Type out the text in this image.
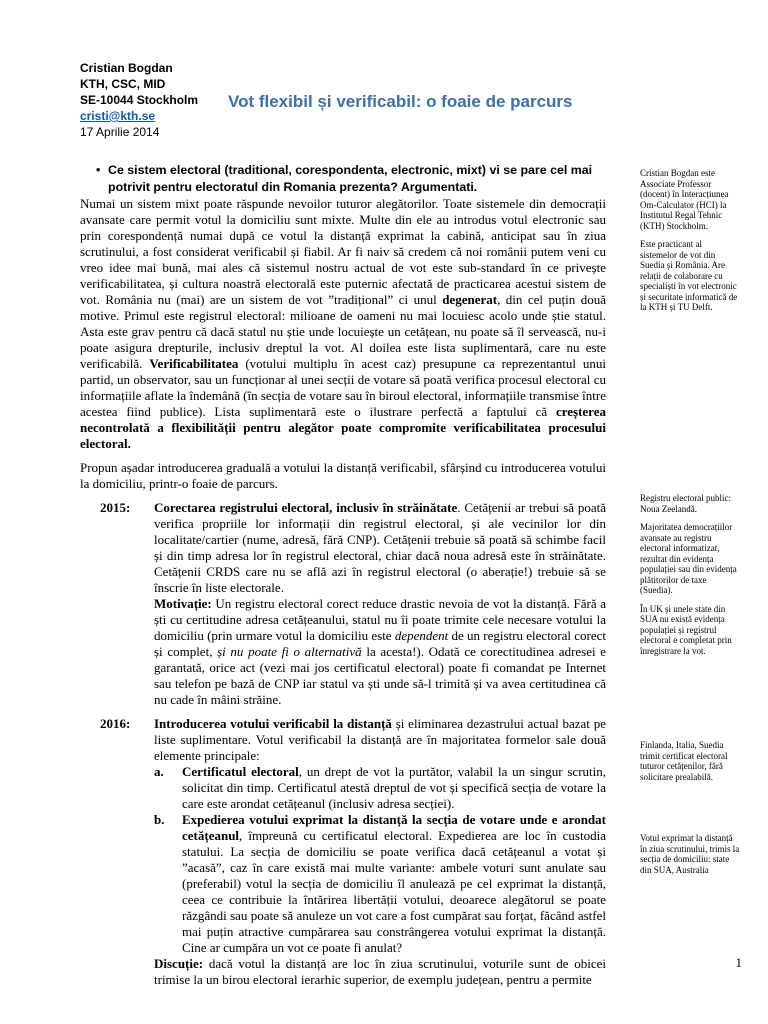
Cristian Bogdan
KTH, CSC, MID
SE-10044 Stockholm
cristi@kth.se
17 Aprilie 2014
Vot flexibil și verificabil: o foaie de parcurs
• Ce sistem electoral (traditional, corespondenta, electronic, mixt) vi se pare cel mai potrivit pentru electoratul din Romania prezenta? Argumentati.

Numai un sistem mixt poate răspunde nevoilor tuturor alegătorilor. Toate sistemele din democrații avansate care permit votul la domiciliu sunt mixte. Multe din ele au introdus votul electronic sau prin corespondență numai după ce votul la distanță exprimat la cabină, anticipat sau în ziua scrutinului, a fost considerat verificabil și fiabil. Ar fi naiv să credem că noi românii putem veni cu vreo idee mai bună, mai ales că sistemul nostru actual de vot este sub-standard în ce privește verificabilitatea, și cultura noastră electorală este puternic afectată de practicarea acestui sistem de vot. România nu (mai) are un sistem de vot ”tradițional” ci unul degenerat, din cel puțin două motive. Primul este registrul electoral: milioane de oameni nu mai locuiesc acolo unde știe statul. Asta este grav pentru că dacă statul nu știe unde locuiește un cetățean, nu poate să îl servească, nu-i poate asigura drepturile, inclusiv dreptul la vot. Al doilea este lista suplimentară, care nu este verificabilă. Verificabilitatea (votului multiplu în acest caz) presupune ca reprezentantul unui partid, un observator, sau un funcționar al unei secții de votare să poată verifica procesul electoral cu informațiile aflate la îndemână (în secția de votare sau în biroul electoral, informațiile transmise între acestea fiind publice). Lista suplimentară este o ilustrare perfectă a faptului că creșterea necontrolată a flexibilității pentru alegător poate compromite verificabilitatea procesului electoral.

Propun așadar introducerea graduală a votului la distanță verificabil, sfârșind cu introducerea votului la domiciliu, printr-o foaie de parcurs.

2015:	Corectarea registrului electoral, inclusiv în străinătate. Cetățenii ar trebui să poată verifica propriile lor informații din registrul electoral, și ale vecinilor lor din localitate/cartier (nume, adresă, fără CNP). Cetățenii trebuie să poată să schimbe facil și din timp adresa lor în registrul electoral, chiar dacă noua adresă este în străinătate. Cetățenii CRDS care nu se află azi în registrul electoral (o aberație!) trebuie să se înscrie în liste electorale.

Motivație: Un registru electoral corect reduce drastic nevoia de vot la distanță. Fără a ști cu certitudine adresa cetățeanului, statul nu îi poate trimite cele necesare votului la domiciliu (prin urmare votul la domiciliu este dependent de un registru electoral corect și complet, și nu poate fi o alternativă la acesta!). Odată ce corectitudinea adresei e garantată, orice act (vezi mai jos certificatul electoral) poate fi comandat pe Internet sau telefon pe bază de CNP iar statul va ști unde să-l trimită și va avea certitudinea că nu cade în mâini străine.

2016:	Introducerea votului verificabil la distanță și eliminarea dezastrului actual bazat pe liste suplimentare. Votul verificabil la distanță are în majoritatea formelor sale două elemente principale:

a.	Certificatul electoral, un drept de vot la purtător, valabil la un singur scrutin, solicitat din timp. Certificatul atestă dreptul de vot și specifică secția de votare la care este arondat cetățeanul (inclusiv adresa secției).
b.	Expedierea votului exprimat la distanță la secția de votare unde e arondat cetățeanul, împreună cu certificatul electoral. Expedierea are loc în custodia statului. La secția de domiciliu se poate verifica dacă cetățeanul a votat și ”acasă”, caz în care există mai multe variante: ambele voturi sunt anulate sau (preferabil) votul la secția de domiciliu îl anulează pe cel exprimat la distanță, ceea ce contribuie la întărirea libertății votului, deoarece alegătorul se poate răzgândi sau poate să anuleze un vot care a fost cumpărat sau forțat, făcând astfel mai puțin atractive cumpărarea sau constrângerea votului exprimat la distanță. Cine ar cumpăra un vot ce poate fi anulat?

Discuție: dacă votul la distanță are loc în ziua scrutinului, voturile sunt de obicei trimise la un birou electoral ierarhic superior, de exemplu județean, pentru a permite

Cristian Bogdan este Associate Professor (docent) în Interacțiunea Om-Calculator (HCI) la Institutul Regal Tehnic (KTH) Stockholm.

Este practicant al sistemelor de vot din Suedia și România. Are relații de colaborare cu specialiști în vot electronic și securitate informatică de la KTH și TU Delft.

Registru electoral public: Noua Zeelandă.

Majoritatea democrațiilor avansate au registru electoral informatizat, rezultat din evidența populației sau din evidența plătitorilor de taxe (Suedia).

În UK și unele state din SUA nu există evidența populației și registrul electoral e completat prin înregistrare la vot.

Finlanda, Italia, Suedia trimit certificat electoral tuturor cetățenilor, fără solicitare prealabilă.

Votul exprimat la distanță în ziua scrutinului, trimis la secția de domiciliu: state din SUA, Australia

1
